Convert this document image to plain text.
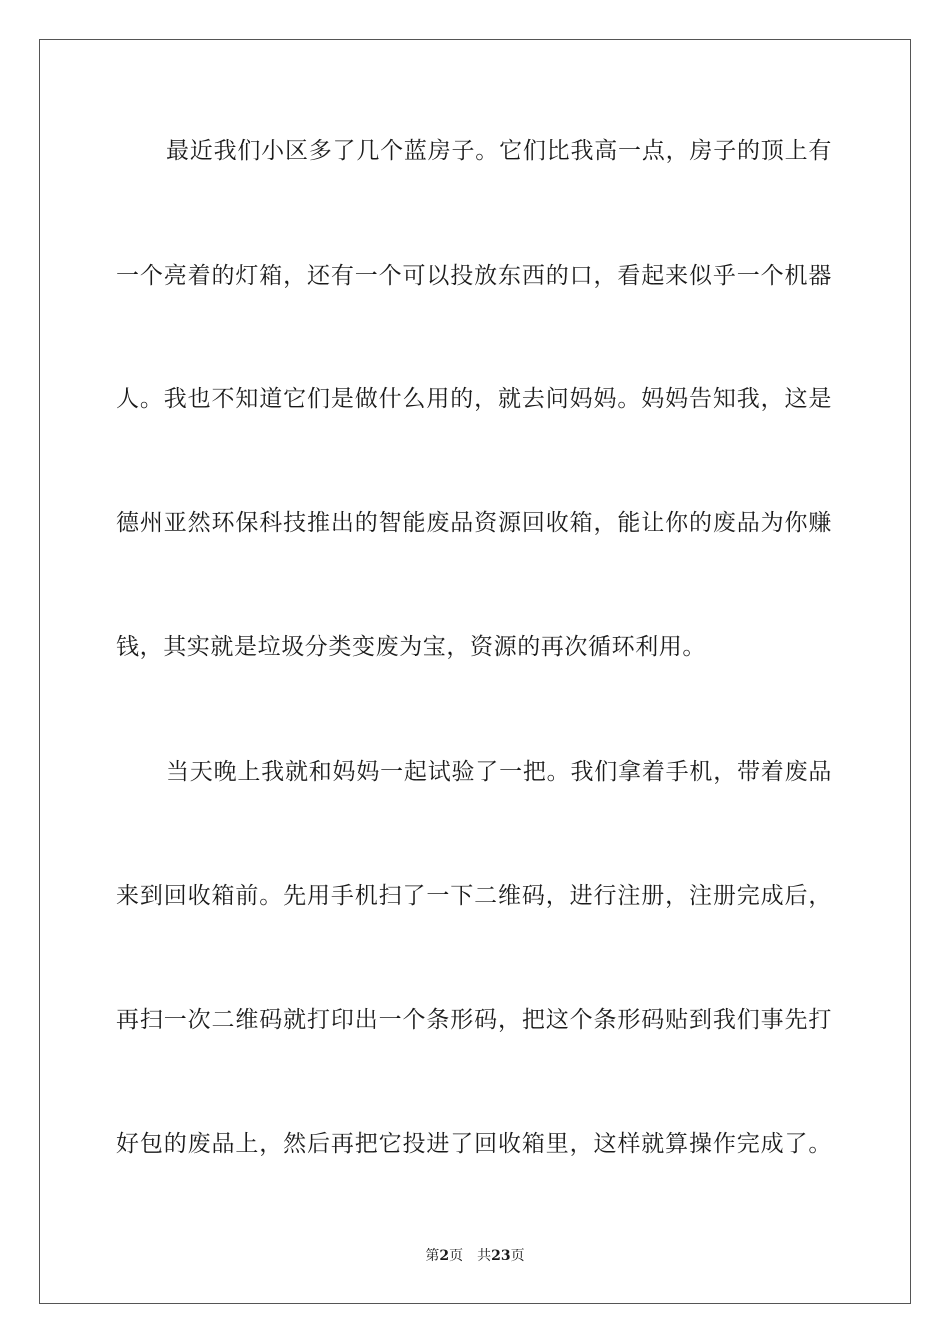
最近我们小区多了几个蓝房子。它们比我高一点，房子的顶上有
一个亮着的灯箱，还有一个可以投放东西的口，看起来似乎一个机器
人。我也不知道它们是做什么用的，就去问妈妈。妈妈告知我，这是
德州亚然环保科技推出的智能废品资源回收箱，能让你的废品为你赚
钱，其实就是垃圾分类变废为宝，资源的再次循环利用。
当天晚上我就和妈妈一起试验了一把。我们拿着手机，带着废品
来到回收箱前。先用手机扫了一下二维码，进行注册，注册完成后，
再扫一次二维码就打印出一个条形码，把这个条形码贴到我们事先打
好包的废品上，然后再把它投进了回收箱里，这样就算操作完成了。
第2页 共23页
